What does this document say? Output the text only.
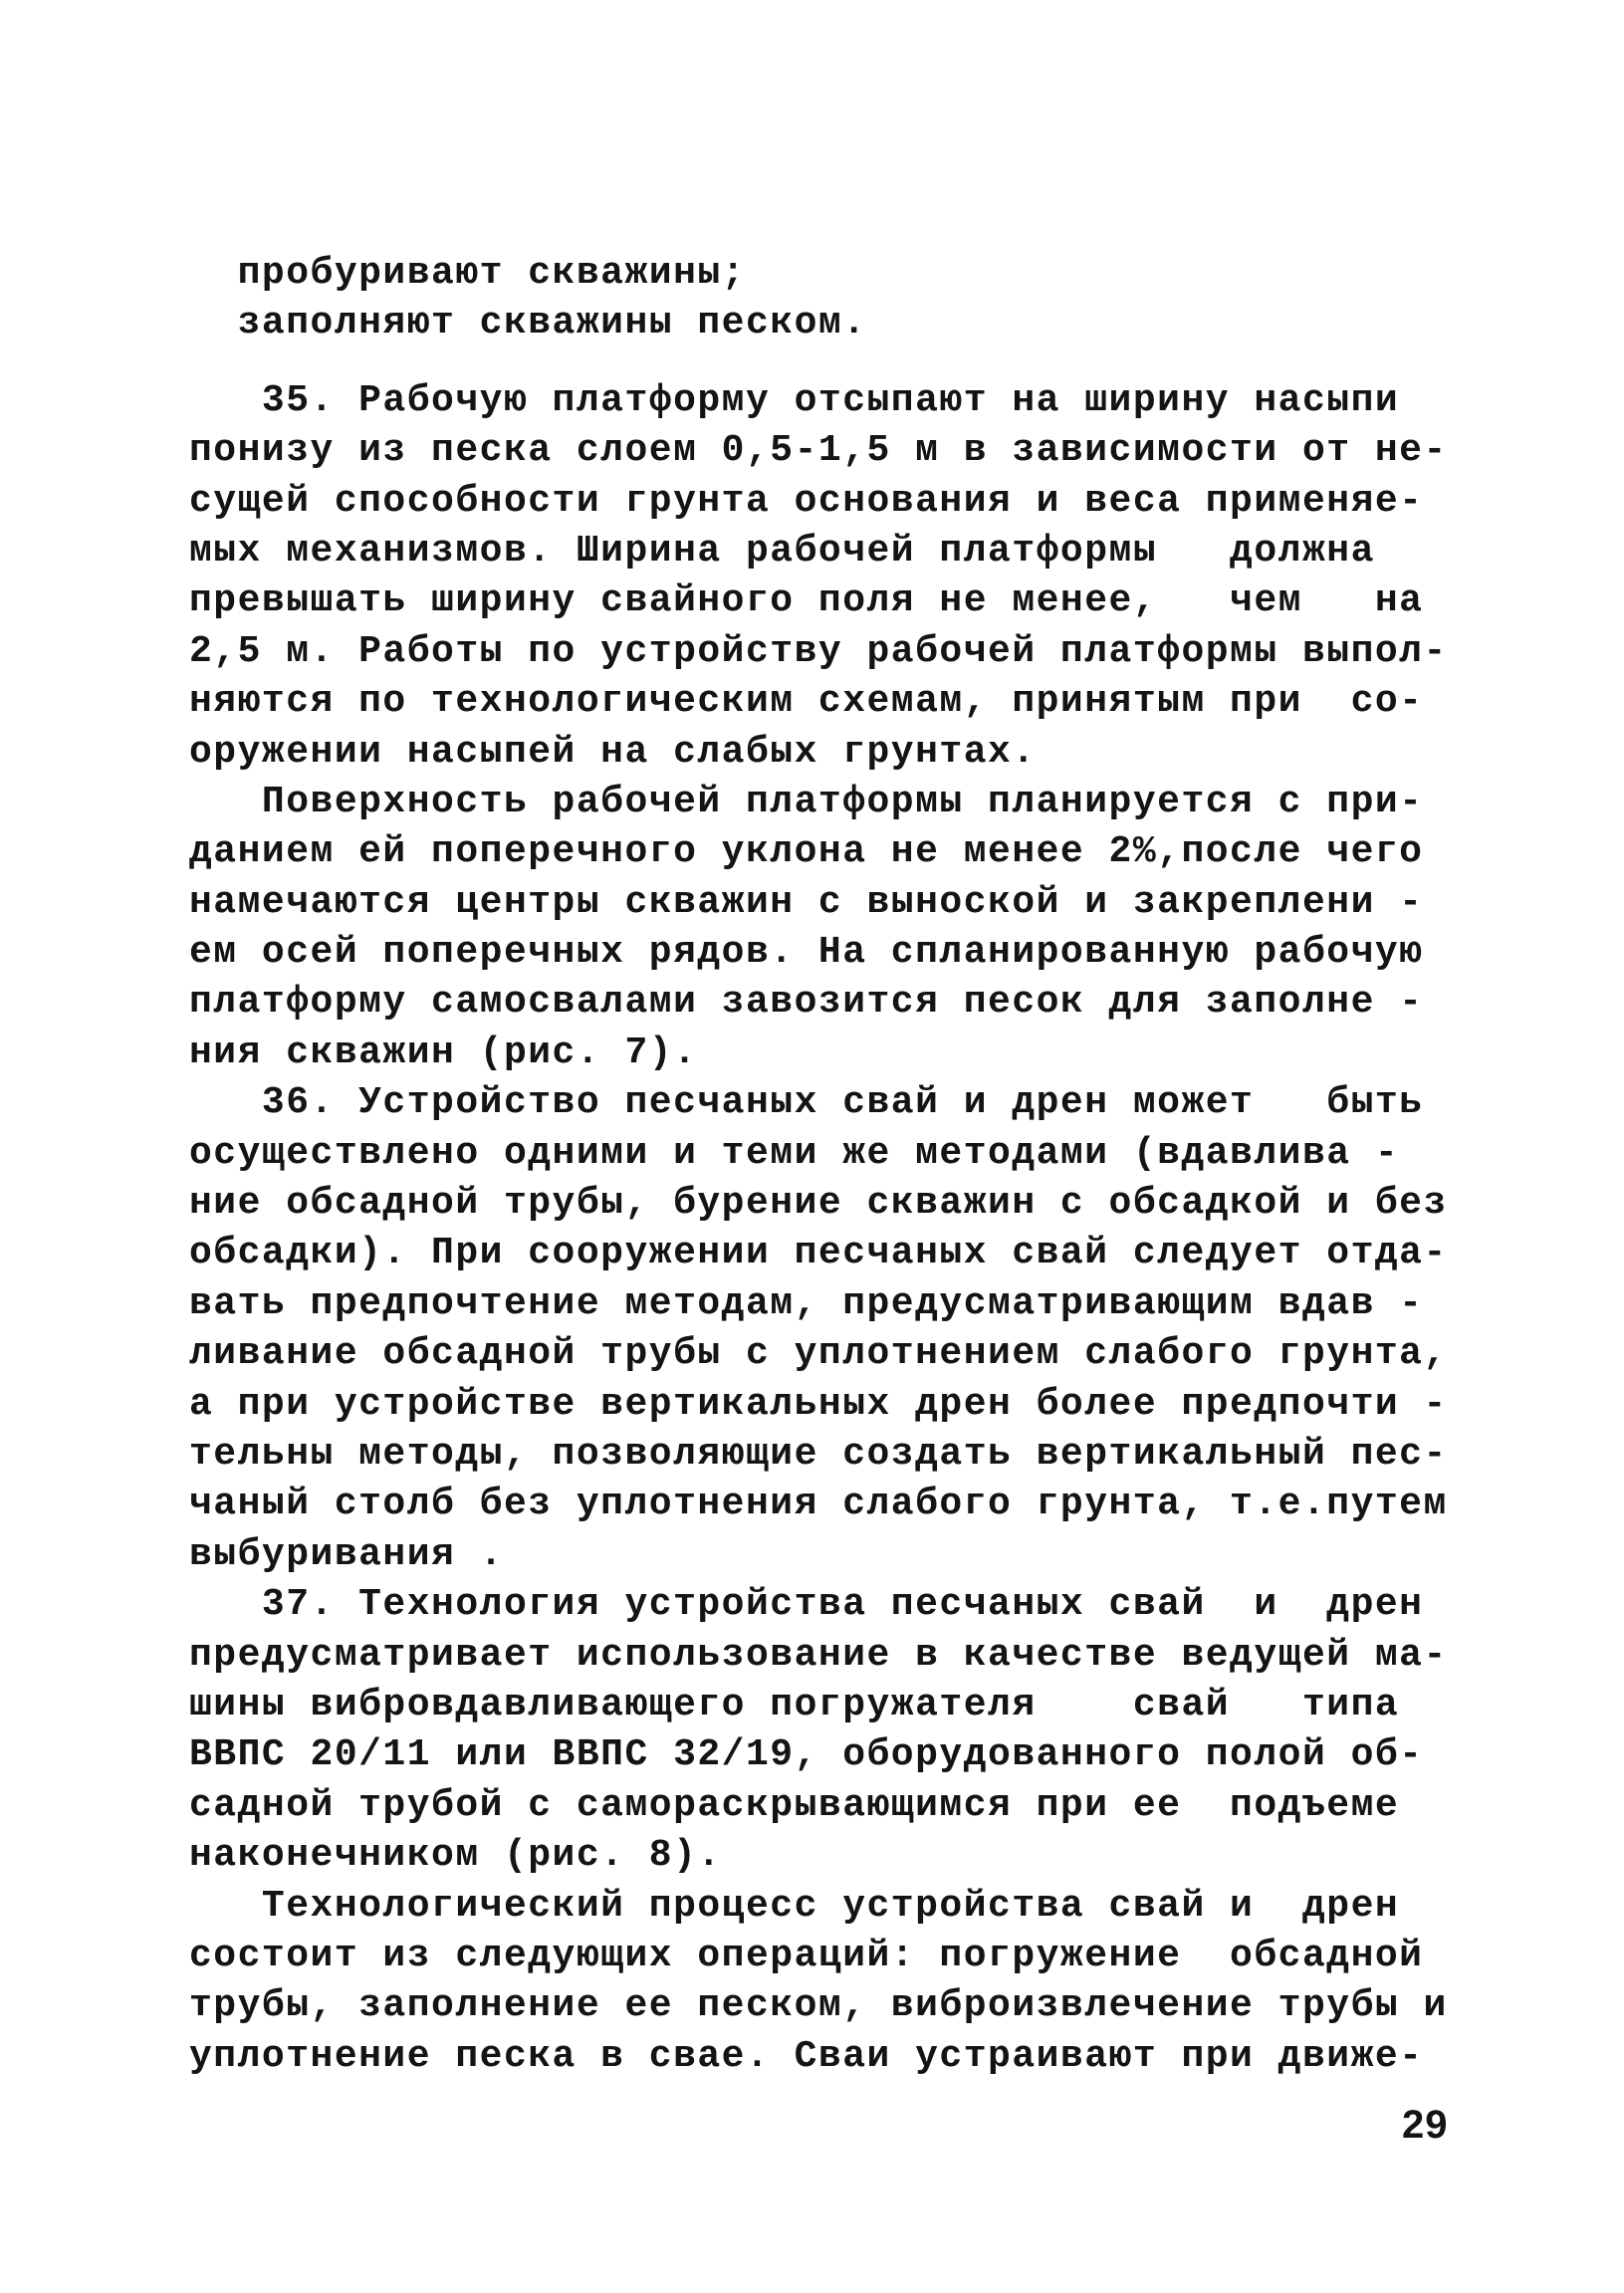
пробуривают скважины;
заполняют скважины песком.
35. Рабочую платформу отсыпают на ширину насыпи
понизу из песка слоем 0,5-1,5 м в зависимости от не-
сущей способности грунта основания и веса применяе-
мых механизмов. Ширина рабочей платформы   должна
превышать ширину свайного поля не менее,   чем   на
2,5 м. Работы по устройству рабочей платформы выпол-
няются по технологическим схемам, принятым при  со-
оружении насыпей на слабых грунтах.
Поверхность рабочей платформы планируется с при-
данием ей поперечного уклона не менее 2%,после чего
намечаются центры скважин с выноской и закреплени -
ем осей поперечных рядов. На спланированную рабочую
платформу самосвалами завозится песок для заполне -
ния скважин (рис. 7).
36. Устройство песчаных свай и дрен может   быть
осуществлено одними и теми же методами (вдавлива -
ние обсадной трубы, бурение скважин с обсадкой и без
обсадки). При сооружении песчаных свай следует отда-
вать предпочтение методам, предусматривающим вдав -
ливание обсадной трубы с уплотнением слабого грунта,
а при устройстве вертикальных дрен более предпочти -
тельны методы, позволяющие создать вертикальный пес-
чаный столб без уплотнения слабого грунта, т.е.путем
выбуривания .
37. Технология устройства песчаных свай  и  дрен
предусматривает использование в качестве ведущей ма-
шины вибровдавливающего погружателя    свай   типа
ВВПС 20/11 или ВВПС 32/19, оборудованного полой об-
садной трубой с самораскрывающимся при ее  подъеме
наконечником (рис. 8).
Технологический процесс устройства свай и  дрен
состоит из следующих операций: погружение  обсадной
трубы, заполнение ее песком, виброизвлечение трубы и
уплотнение песка в свае. Сваи устраивают при движе-
29
